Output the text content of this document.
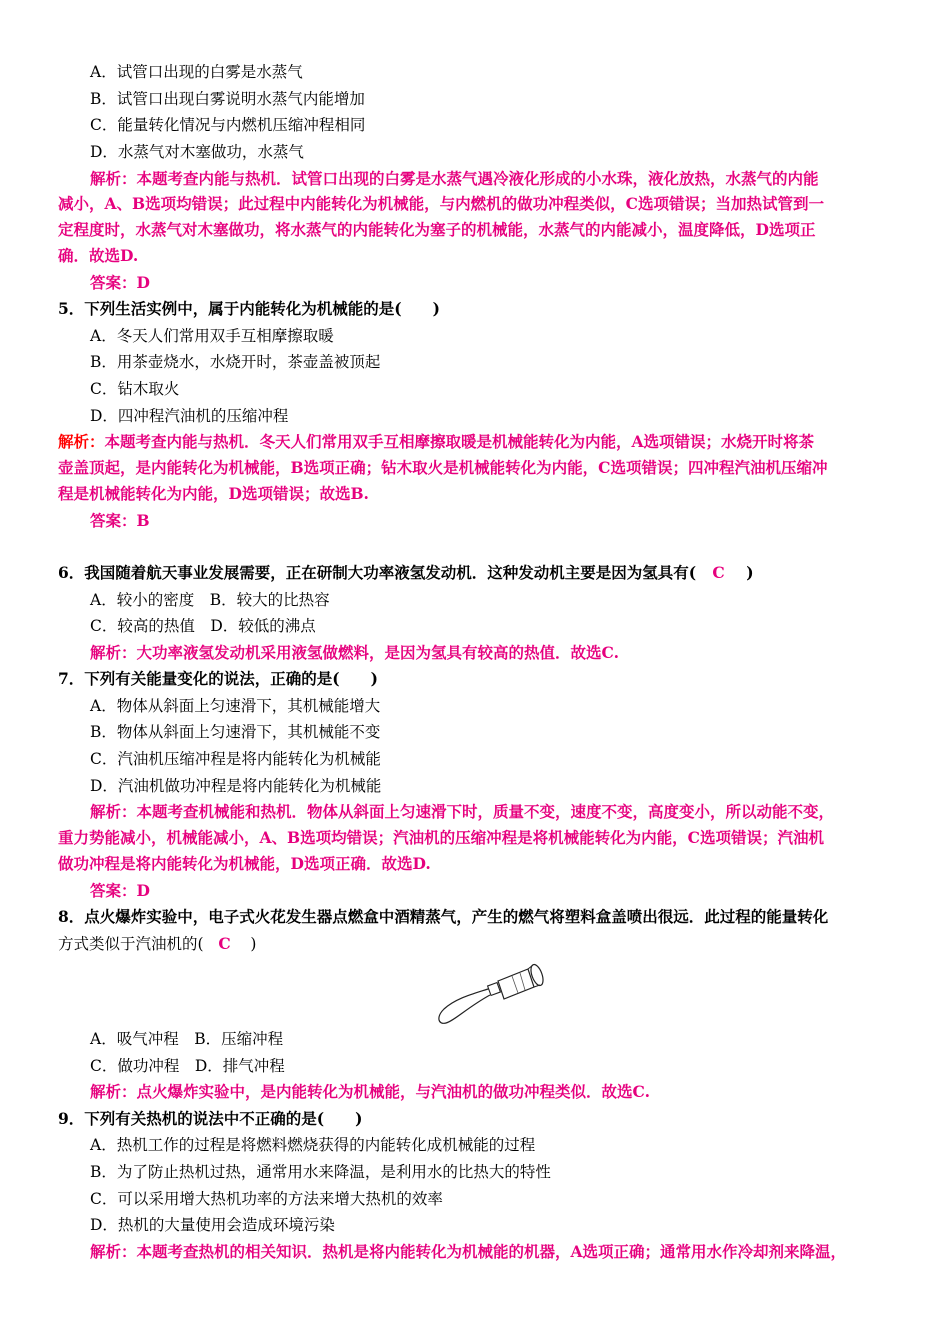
A．试管口出现的白雾是水蒸气
B．试管口出现白雾说明水蒸气内能增加
C．能量转化情况与内燃机压缩冲程相同
D．水蒸气对木塞做功，水蒸气
解析：本题考查内能与热机．试管口出现的白雾是水蒸气遇冷液化形成的小水珠，液化放热，水蒸气的内能
减小，A、B选项均错误；此过程中内能转化为机械能，与内燃机的做功冲程类似，C选项错误；当加热试管到一
定程度时，水蒸气对木塞做功，将水蒸气的内能转化为塞子的机械能，水蒸气的内能减小，温度降低，D选项正
确．故选D.
答案：D
5．下列生活实例中，属于内能转化为机械能的是(　　)
A．冬天人们常用双手互相摩擦取暖
B．用茶壶烧水，水烧开时，茶壶盖被顶起
C．钻木取火
D．四冲程汽油机的压缩冲程
解析：本题考查内能与热机．冬天人们常用双手互相摩擦取暖是机械能转化为内能，A选项错误；水烧开时将茶
壶盖顶起，是内能转化为机械能，B选项正确；钻木取火是机械能转化为内能，C选项错误；四冲程汽油机压缩冲
程是机械能转化为内能，D选项错误；故选B.
答案：B
6．我国随着航天事业发展需要，正在研制大功率液氢发动机．这种发动机主要是因为氢具有( C )
A．较小的密度　B．较大的比热容
C．较高的热值　D．较低的沸点
解析：大功率液氢发动机采用液氢做燃料，是因为氢具有较高的热值．故选C.
7．下列有关能量变化的说法，正确的是(　　)
A．物体从斜面上匀速滑下，其机械能增大
B．物体从斜面上匀速滑下，其机械能不变
C．汽油机压缩冲程是将内能转化为机械能
D．汽油机做功冲程是将内能转化为机械能
解析：本题考查机械能和热机．物体从斜面上匀速滑下时，质量不变，速度不变，高度变小，所以动能不变，
重力势能减小，机械能减小，A、B选项均错误；汽油机的压缩冲程是将机械能转化为内能，C选项错误；汽油机
做功冲程是将内能转化为机械能，D选项正确．故选D.
答案：D
8．点火爆炸实验中，电子式火花发生器点燃盒中酒精蒸气，产生的燃气将塑料盒盖喷出很远．此过程的能量转化
方式类似于汽油机的( C )
A．吸气冲程　B．压缩冲程
C．做功冲程　D．排气冲程
解析：点火爆炸实验中，是内能转化为机械能，与汽油机的做功冲程类似．故选C.
9．下列有关热机的说法中不正确的是(　　)
A．热机工作的过程是将燃料燃烧获得的内能转化成机械能的过程
B．为了防止热机过热，通常用水来降温，是利用水的比热大的特性
C．可以采用增大热机功率的方法来增大热机的效率
D．热机的大量使用会造成环境污染
解析：本题考查热机的相关知识．热机是将内能转化为机械能的机器，A选项正确；通常用水作冷却剂来降温，
